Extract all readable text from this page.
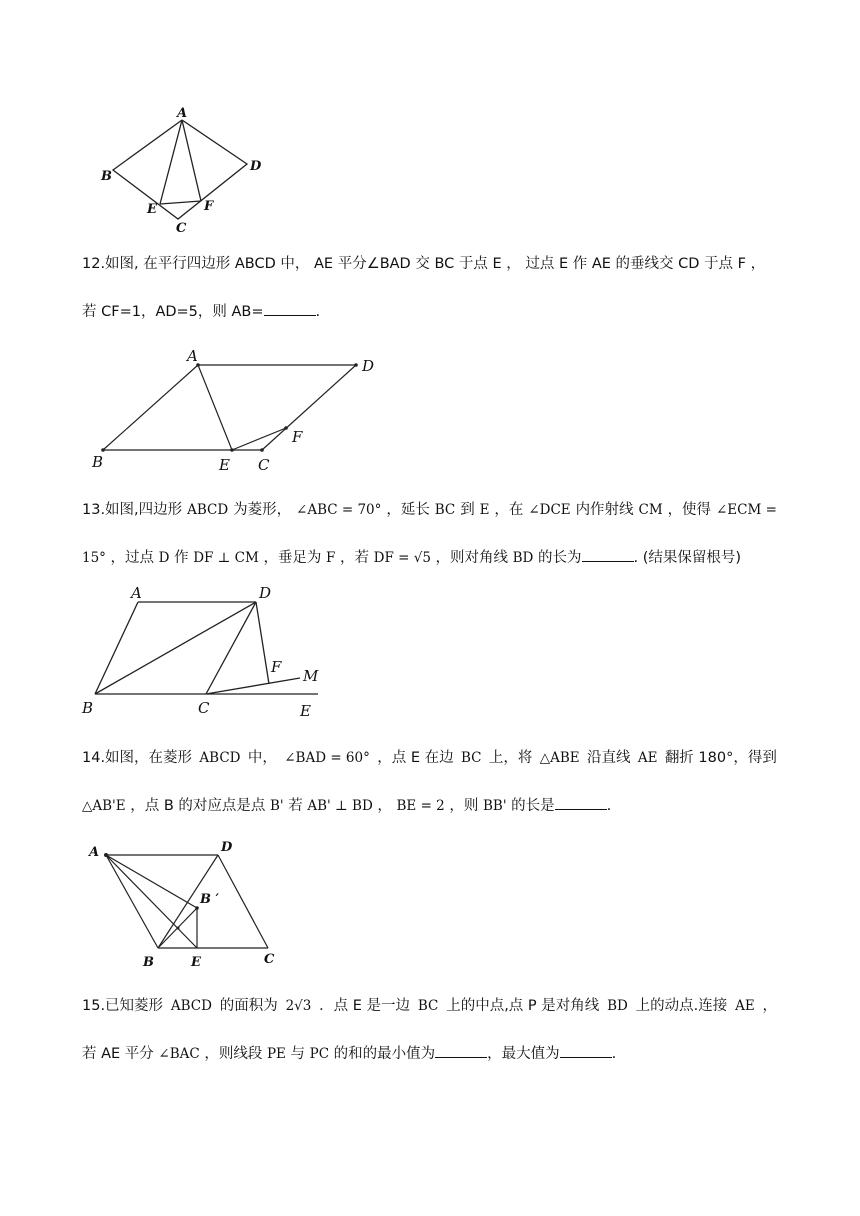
A
B
C
D
E	F
12.如图, 在平行四边形 ABCD 中， AE 平分∠BAD 交 BC 于点 E ， 过点 E 作 AE 的垂线交 CD 于点 F ，
若 CF=1，AD=5，则 AB=	.
A
D
B	E C
F
13.如图,四边形 ABCD 为菱形， ∠ABC = 70° ，延长 BC 到 E ，在 ∠DCE 内作射线 CM ，使得 ∠ECM =
15° ，过点 D 作 DF ⊥ CM ，垂足为 F ，若 DF = √5 ，则对角线 BD 的长为	. (结果保留根号)
A	D
B	C	E
F M
14.如图，在菱形 ABCD 中， ∠BAD = 60° ，点 E 在边 BC 上，将 △ABE 沿直线 AE 翻折 180°，得到
△AB'E ，点 B 的对应点是点 B' 若 AB' ⊥ BD ， BE = 2 ，则 BB' 的长是	.
A	D
B	E	C
B ′
15.已知菱形 ABCD 的面积为 2√3 ．点 E 是一边 BC 上的中点,点 P 是对角线 BD 上的动点.连接 AE ，
若 AE 平分 ∠BAC ，则线段 PE 与 PC 的和的最小值为	，最大值为	.
